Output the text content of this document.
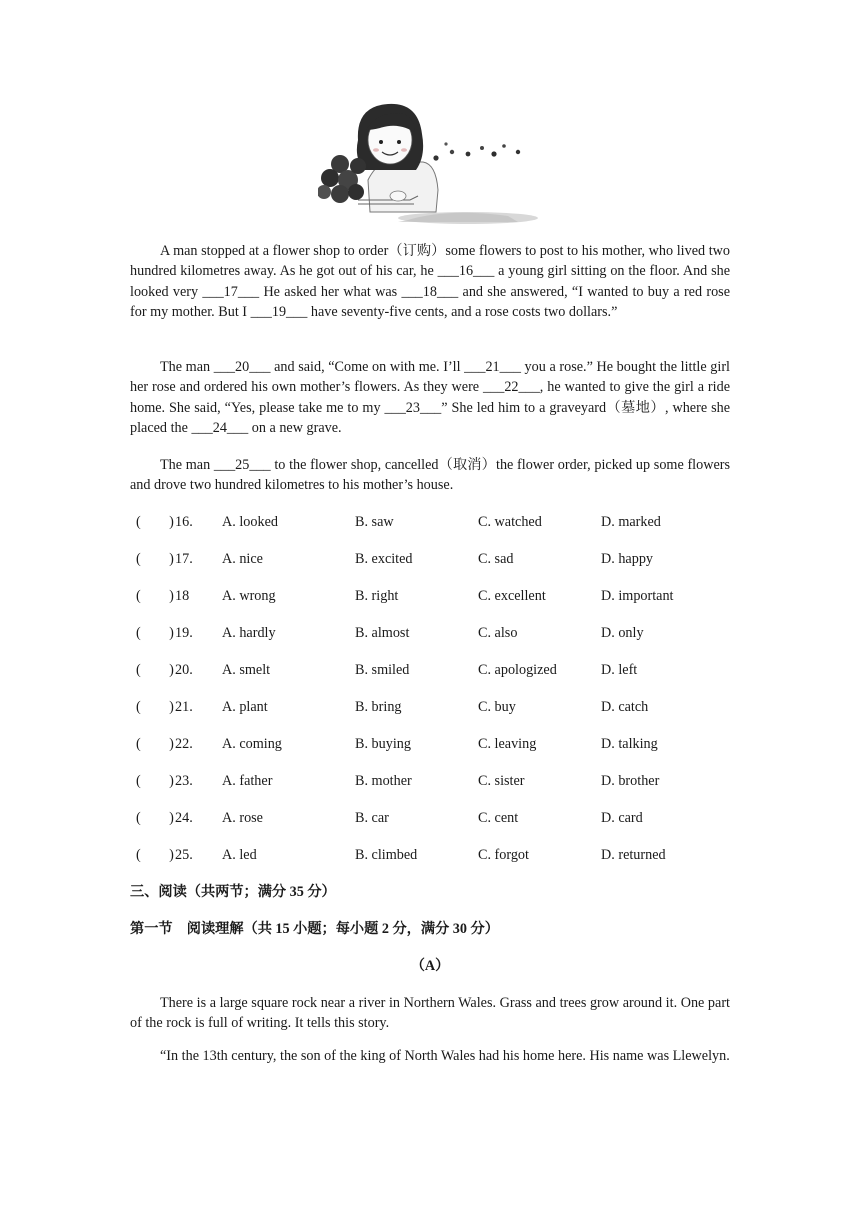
A man stopped at a flower shop to order（订购）some flowers to post to his mother, who lived two hundred kilometres away. As he got out of his car, he ___16___ a young girl sitting on the floor. And she looked very ___17___ He asked her what was ___18___ and she answered, “I wanted to buy a red rose for my mother. But I ___19___ have seventy-five cents, and a rose costs two dollars.”

The man ___20___ and said, “Come on with me. I’ll ___21___ you a rose.” He bought the little girl her rose and ordered his own mother’s flowers. As they were ___22___, he wanted to give the girl a ride home. She said, “Yes, please take me to my ___23___” She led him to a graveyard（墓地）, where she placed the ___24___ on a new grave.

The man ___25___ to the flower shop, cancelled（取消）the flower order, picked up some flowers and drove two hundred kilometres to his mother’s house.

(　　) 16. A. looked	B. saw	C. watched	D. marked
(　　) 17. A. nice	B. excited	C. sad	D. happy
(　　) 18 A. wrong	B. right	C. excellent	D. important
(　　) 19. A. hardly	B. almost	C. also	D. only
(　　) 20. A. smelt	B. smiled	C. apologized	D. left
(　　) 21. A. plant	B. bring	C. buy	D. catch
(　　) 22. A. coming	B. buying	C. leaving	D. talking
(　　) 23. A. father	B. mother	C. sister	D. brother
(　　) 24. A. rose	B. car	C. cent	D. card
(　　) 25. A. led	B. climbed	C. forgot	D. returned
三、阅读（共两节；满分 35 分）
第一节　阅读理解（共 15 小题；每小题 2 分，满分 30 分）
（A）

There is a large square rock near a river in Northern Wales. Grass and trees grow around it. One part of the rock is full of writing. It tells this story.

“In the 13th century, the son of the king of North Wales had his home here. His name was Llewelyn.
